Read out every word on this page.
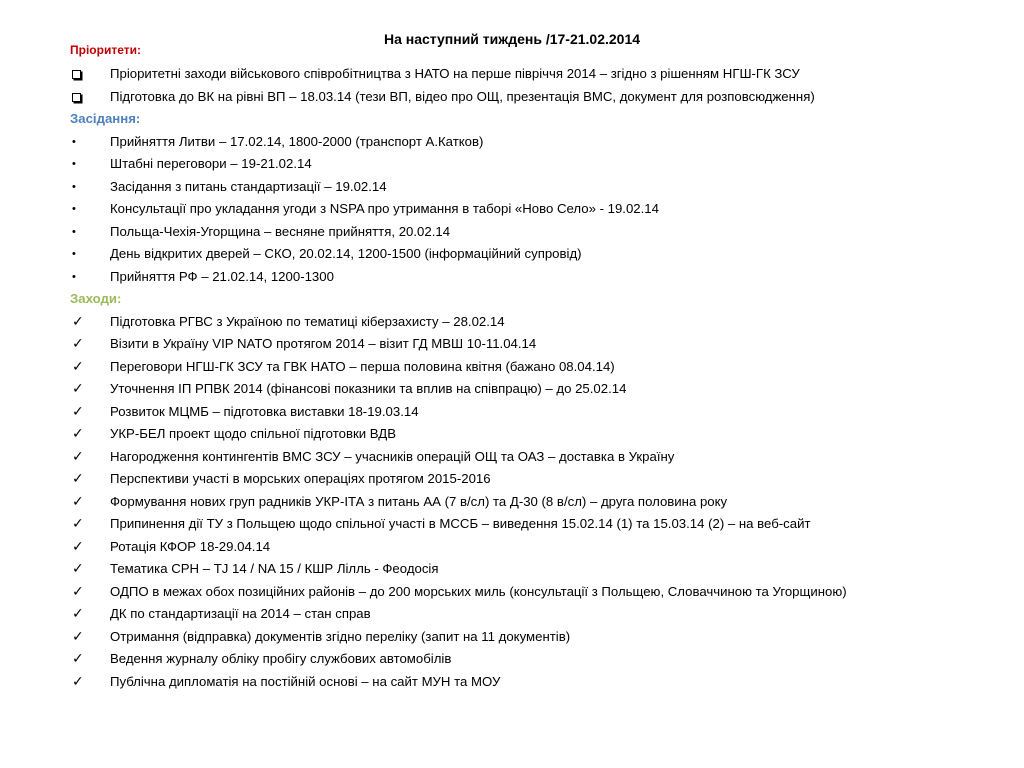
На наступний тиждень /17-21.02.2014
Пріоритети:
Пріоритетні заходи військового співробітництва з НАТО на перше півріччя 2014 – згідно з рішенням НГШ-ГК ЗСУ
Підготовка до ВК на рівні ВП – 18.03.14 (тези ВП, відео про ОЩ, презентація ВМС, документ для розповсюдження)
Засідання:
•	Прийняття Литви – 17.02.14, 1800-2000 (транспорт А.Катков)
•	Штабні переговори – 19-21.02.14
•	Засідання з питань стандартизації – 19.02.14
•	Консультації про укладання угоди з NSPA про утримання в таборі «Ново Село» - 19.02.14
•	Польща-Чехія-Угорщина – весняне прийняття, 20.02.14
•	День відкритих дверей – СКО, 20.02.14, 1200-1500 (інформаційний супровід)
•	Прийняття РФ – 21.02.14, 1200-1300
Заходи:
✓	Підготовка РГВС з Україною по тематиці кіберзахисту – 28.02.14
✓	Візити в Україну VIP NATO протягом 2014 – візит ГД МВШ 10-11.04.14
✓	Переговори НГШ-ГК ЗСУ та ГВК НАТО – перша половина квітня (бажано 08.04.14)
✓	Уточнення ІП РПВК 2014 (фінансові показники та вплив на співпрацю) – до 25.02.14
✓	Розвиток МЦМБ – підготовка виставки 18-19.03.14
✓	УКР-БЕЛ проект щодо спільної підготовки ВДВ
✓	Нагородження контингентів ВМС ЗСУ – учасників операцій ОЩ та ОАЗ – доставка в Україну
✓	Перспективи участі в морських операціях протягом 2015-2016
✓	Формування нових груп радників УКР-ІТА з питань АА (7 в/сл) та Д-30 (8 в/сл) – друга половина року
✓	Припинення дії ТУ з Польщею щодо спільної участі в МССБ – виведення 15.02.14 (1) та 15.03.14 (2) – на веб-сайт
✓	Ротація КФОР 18-29.04.14
✓	Тематика СРН – TJ 14 / NA 15 / КШР Лілль - Феодосія
✓	ОДПО в межах обох позиційних районів – до 200 морських миль (консультації з Польщею, Словаччиною та Угорщиною)
✓	ДК по стандартизації на 2014 – стан справ
✓	Отримання (відправка) документів згідно переліку (запит на 11 документів)
✓	Ведення журналу обліку пробігу службових автомобілів
✓	Публічна дипломатія на постійній основі – на сайт МУН та МОУ
